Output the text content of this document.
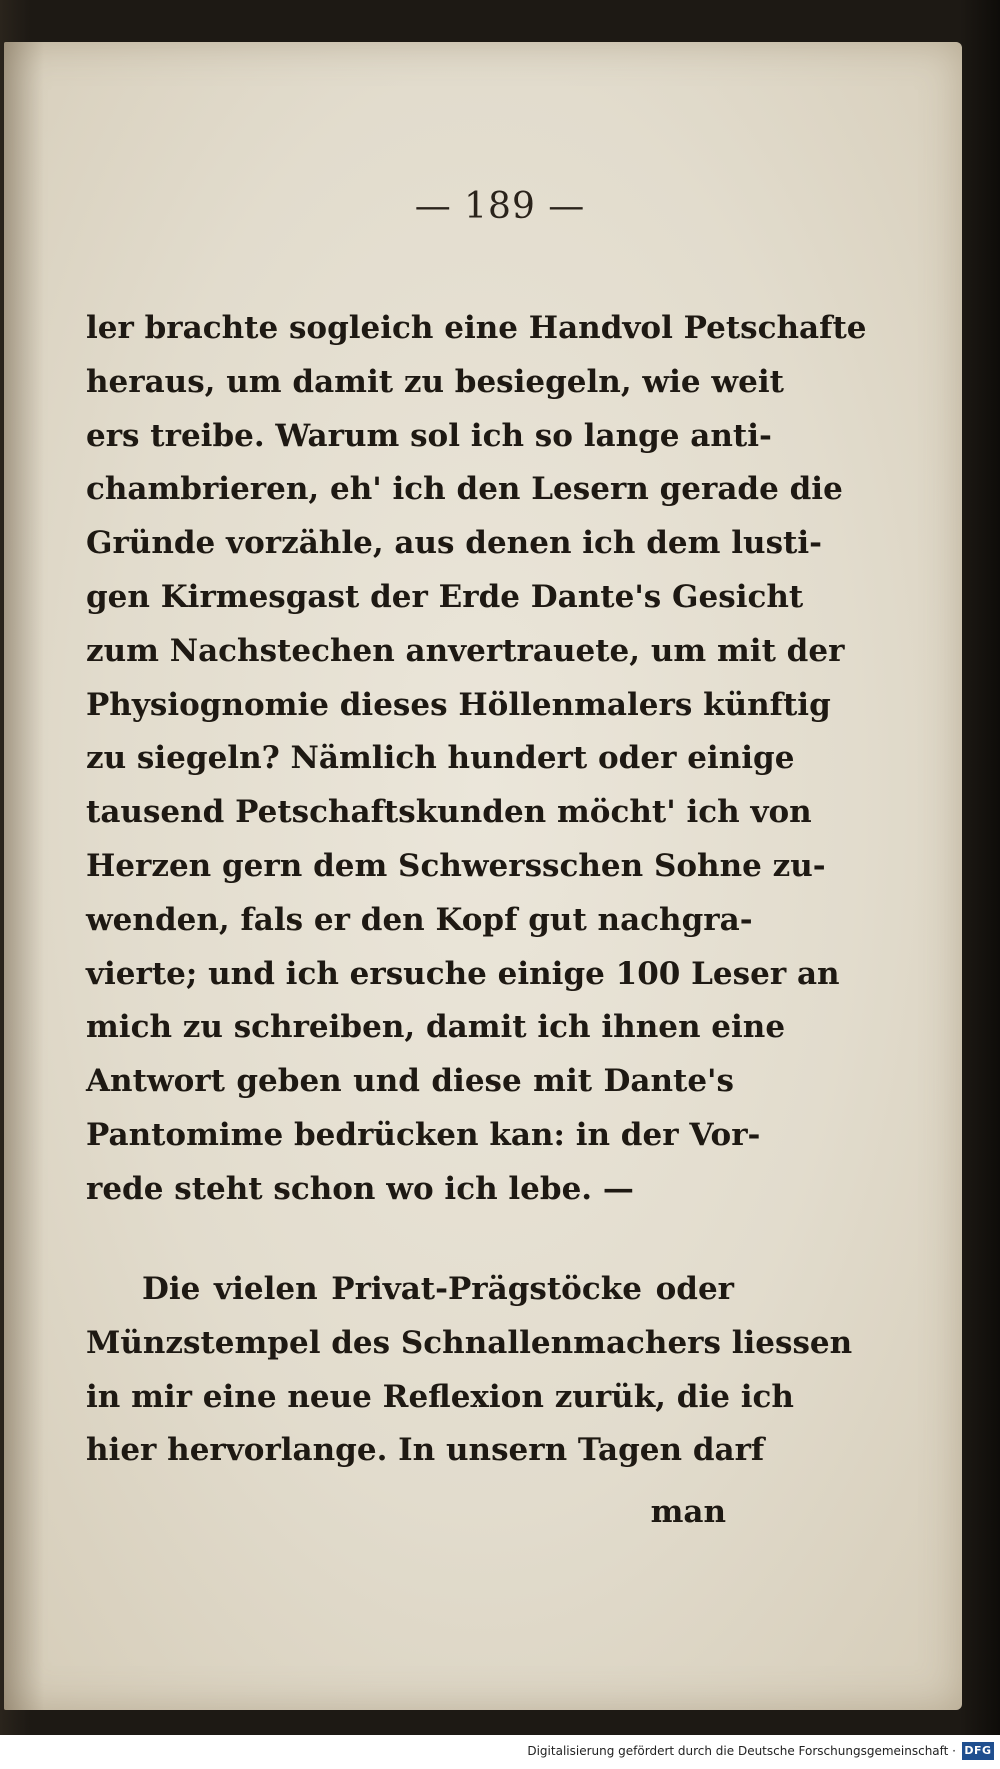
— 189 —
ler brachte sogleich eine Handvol Petschafte
heraus, um damit zu besiegeln, wie weit
ers treibe. Warum sol ich so lange anti-
chambrieren, eh' ich den Lesern gerade die
Gründe vorzähle, aus denen ich dem lusti-
gen Kirmesgast der Erde Dante's Gesicht
zum Nachstechen anvertrauete, um mit der
Physiognomie dieses Höllenmalers künftig
zu siegeln? Nämlich hundert oder einige
tausend Petschaftskunden möcht' ich von
Herzen gern dem Schwersschen Sohne zu-
wenden, fals er den Kopf gut nachgra-
vierte; und ich ersuche einige 100 Leser an
mich zu schreiben, damit ich ihnen eine
Antwort geben und diese mit Dante's
Pantomime bedrücken kan: in der Vor-
rede steht schon wo ich lebe. —
Die vielen Privat-Prägstöcke oder
Münzstempel des Schnallenmachers liessen
in mir eine neue Reflexion zurük, die ich
hier hervorlange. In unsern Tagen darf
man
Digitalisierung gefördert durch die Deutsche Forschungsgemeinschaft · DFG
